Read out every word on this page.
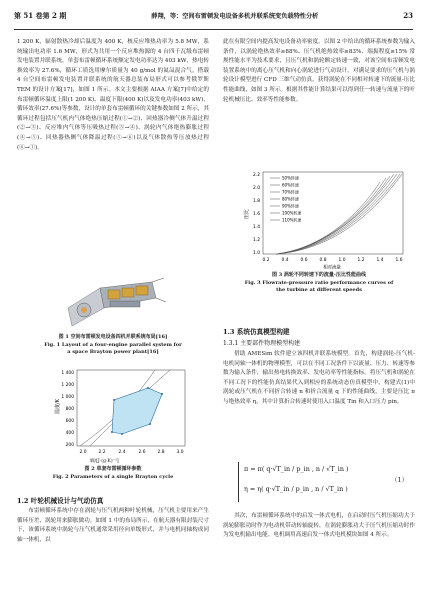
第 51 卷第 2 期	薛翔，等：空间布雷顿发电设备多机并联系统变负载特性分析	23

1 200 K，辐射散热冷却后温度为 400 K，核反应堆热功率为 5.8 MW，系统输出电功率 1.6 MW，形式为共用一个反应堆热源的 4 台四千瓦级布雷顿发电装置并联系统，单套布雷顿循环系统额定发电功率达为 403 kW，热电转换效率为 27.6%，循环工质选用摩尔质量为 40 g/mol 的氦氙混合气。搭载 4 台空间布雷顿发电装置并联系统的航天器总装布局形式可以参考俄罗斯 TEM 的设计方案[17]，如图 1 所示。本文主要根据 AIAA 方案[7]中给定的布雷顿循环温度上限(1 200 K)、温度下限(400 K)以及发电功率(403 kW)、循环效率(27.6%)等参数，设计的单套布雷顿循环的关键参数如图 2 所示，其循环过程包括压气机内气体绝热压缩过程(①→②)、回热器冷侧气体升温过程(②→③)、反应堆内气体等压吸热过程(③→④)、涡轮内气体绝热膨胀过程(④→⑤)、回热器热侧气体降温过程(⑤→⑥)以及气体散热等压放热过程(⑥→①)。

图 1 空间布雷顿发电设备四机并联系统布局[16]
Fig. 1 Layout of a four-engine parallel system for
a space Brayton power plant[16]
温度/K
1 400
1 200
1 000
800
600
400
200
2.0	2.2	2.4	2.6	2.8	3.0
熵/[J·(g·K)⁻¹]
图 2 单套布雷顿循环参数
Fig. 2 Parameters of a single Brayton cycle
1.2 叶轮机械设计与气动仿真

布雷顿循环系统中存在涡轮与压气机两种叶轮机械，压气机主要用来产生循环压差，涡轮用来膨胀做功。如图 1 中的布局所示，在航天器有限封装尺寸下，该循环系统中涡轮与压气机通常采用径向单级形式，并与电机同轴构成同轴一体机，以

此在有限空间内提高发电设备功率密度。以图 2 中给出的循环系统参数为输入条件，以涡轮绝热效率≥88%、压气机绝热效率≥83%、端振程度≥15% 常规性能水平为技术要求，且压气机和涡轮额定转速一致，对该空间布雷顿发电装置系统中的离心压气机和向心涡轮进行气动设计。对满足要求的压气机与涡轮设计模型进行 CFD 三维气动仿真，获得涡轮在不同相对转速下的流量-压比性能曲线，如图 3 所示。根据其性能计算结果可以得到任一转速与流量下的叶轮机械压比、效率等性能参数。

压比
2.2
2.0
1.8
1.6
1.4
1.2
1.0
50%转速
60%转速
70%转速
80%转速
90%转速
100%转速
110%转速
0.2	0.4	0.6	0.8	1.0	1.2	1.4	1.6
相对流量
图 3 涡轮不同转速下的流量-压比性能曲线
Fig. 3 Flowrate-pressure ratio performance curves of
the turbine at different speeds
1.3 系统仿真模型构建
1.3.1 主要部件物理模型构建

借助 AMESim 软件建立该四机并联系统模型。首先，构建涡轮-压气机-电机同轴一体机的物理模型，可以在不同工况条件下以流量、压力、转速等参数为输入条件，输出热电转换效率、发电功率等性能指标。将压气机和涡轮在不同工况下的性能仿真结果代入到相应的系统动态仿真模型中，构建式(1)中涡轮或压气机在不同折合转速 n 和折合流量 q 下的性能曲线，主要是压比 π 与绝热效率 η，其中计算折合转速时使用入口温度 Tin 和入口压力 pin。

π = π( q·√T_in / p_in , n / √T_in )
η = η( q·√T_in / p_in , n / √T_in )
（1）

其次，布雷顿循环系统中的启发一体式电机，在启动时压气机压缩功大于涡轮膨胀功时作为电动机带动转轴旋转，在涡轮膨胀功大于压气机压缩功时作为发电机输出电能。电机调用高速启发一体式电机模块如图 4 所示。
